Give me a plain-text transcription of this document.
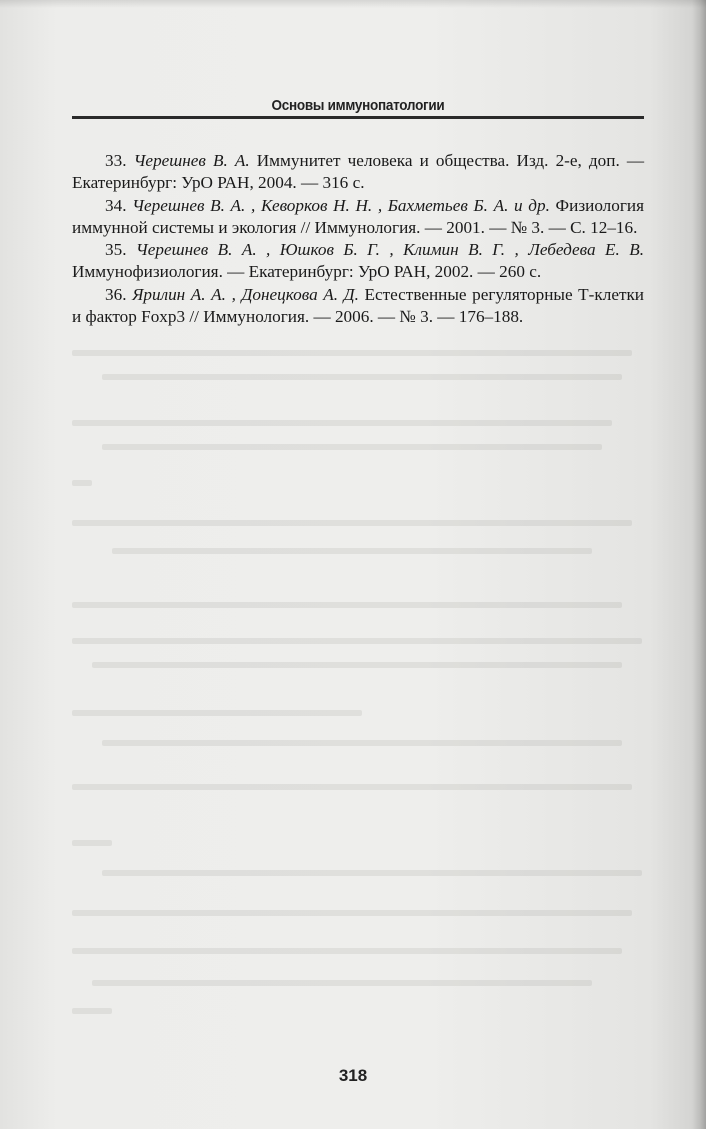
Основы иммунопатологии

33. Черешнев В. А. Иммунитет человека и общества. Изд. 2-е, доп. — Екатеринбург: УрО РАН, 2004. — 316 с.

34. Черешнев В. А. , Кеворков Н. Н. , Бахметьев Б. А. и др. Физиология иммунной системы и экология // Иммунология. — 2001. — № 3. — С. 12–16.

35. Черешнев В. А. , Юшков Б. Г. , Климин В. Г. , Лебедева Е. В. Иммунофизиология. — Екатеринбург: УрО РАН, 2002. — 260 с.

36. Ярилин А. А. , Донецкова А. Д. Естественные регуляторные Т-клетки и фактор Foxp3 // Иммунология. — 2006. — № 3. — 176–188.

318
